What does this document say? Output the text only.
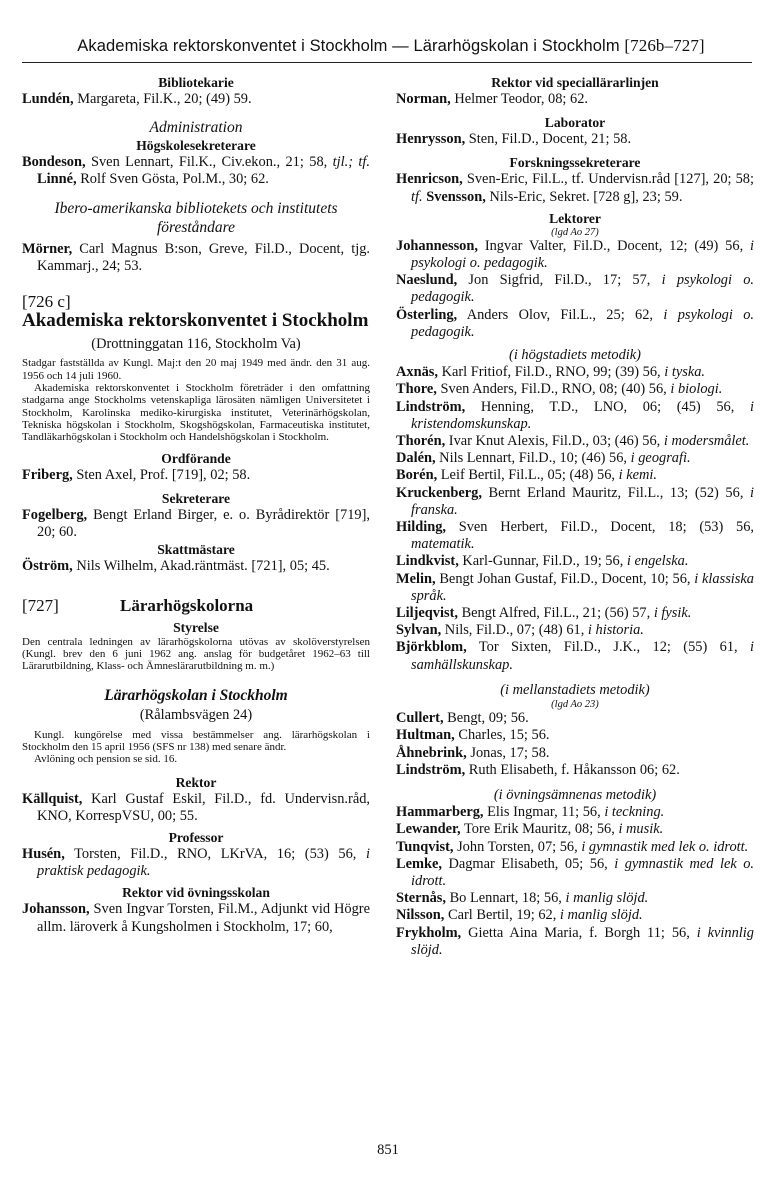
Akademiska rektorskonventet i Stockholm — Lärarhögskolan i Stockholm [726b–727]
Bibliotekarie
Lundén, Margareta, Fil.K., 20; (49) 59.
Administration
Högskolesekreterare
Bondeson, Sven Lennart, Fil.K., Civ.ekon., 21; 58, tjl.; tf. Linné, Rolf Sven Gösta, Pol.M., 30; 62.
Ibero-amerikanska bibliotekets och institutets föreståndare
Mörner, Carl Magnus B:son, Greve, Fil.D., Docent, tjg. Kammarj., 24; 53.
[726 c]
Akademiska rektorskonventet i Stockholm
(Drottninggatan 116, Stockholm Va)

Stadgar fastställda av Kungl. Maj:t den 20 maj 1949 med ändr. den 31 aug. 1956 och 14 juli 1960.

Akademiska rektorskonventet i Stockholm företräder i den omfattning stadgarna ange Stockholms vetenskapliga lärosäten nämligen Universitetet i Stockholm, Karolinska mediko-kirurgiska institutet, Veterinärhögskolan, Tekniska högskolan i Stockholm, Skogshögskolan, Farmaceutiska institutet, Tandläkarhögskolan i Stockholm och Handelshögskolan i Stockholm.

Ordförande
Friberg, Sten Axel, Prof. [719], 02; 58.
Sekreterare
Fogelberg, Bengt Erland Birger, e. o. Byrådirektör [719], 20; 60.
Skattmästare
Öström, Nils Wilhelm, Akad.räntmäst. [721], 05; 45.
[727]	Lärarhögskolorna
Styrelse
Den centrala ledningen av lärarhögskolorna utövas av skolöverstyrelsen (Kungl. brev den 6 juni 1962 ang. anslag för budgetåret 1962–63 till Lärarutbildning, Klass- och Ämneslärarutbildning m. m.)
Lärarhögskolan i Stockholm
(Rålambsvägen 24)

Kungl. kungörelse med vissa bestämmelser ang. lärarhögskolan i Stockholm den 15 april 1956 (SFS nr 138) med senare ändr.

Avlöning och pension se sid. 16.

Rektor
Källquist, Karl Gustaf Eskil, Fil.D., fd. Undervisn.råd, KNO, KorrespVSU, 00; 55.
Professor
Husén, Torsten, Fil.D., RNO, LKrVA, 16; (53) 56, i praktisk pedagogik.
Rektor vid övningsskolan
Johansson, Sven Ingvar Torsten, Fil.M., Adjunkt vid Högre allm. läroverk å Kungsholmen i Stockholm, 17; 60,
Rektor vid speciallärarlinjen
Norman, Helmer Teodor, 08; 62.
Laborator
Henrysson, Sten, Fil.D., Docent, 21; 58.
Forskningssekreterare
Henricson, Sven-Eric, Fil.L., tf. Undervisn.råd [127], 20; 58; tf. Svensson, Nils-Eric, Sekret. [728 g], 23; 59.
Lektorer
(lgd Ao 27)
Johannesson, Ingvar Valter, Fil.D., Docent, 12; (49) 56, i psykologi o. pedagogik.
Naeslund, Jon Sigfrid, Fil.D., 17; 57, i psykologi o. pedagogik.
Österling, Anders Olov, Fil.L., 25; 62, i psykologi o. pedagogik.
(i högstadiets metodik)
Axnäs, Karl Fritiof, Fil.D., RNO, 99; (39) 56, i tyska.
Thore, Sven Anders, Fil.D., RNO, 08; (40) 56, i biologi.
Lindström, Henning, T.D., LNO, 06; (45) 56, i kristendomskunskap.
Thorén, Ivar Knut Alexis, Fil.D., 03; (46) 56, i modersmålet.
Dalén, Nils Lennart, Fil.D., 10; (46) 56, i geografi.
Borén, Leif Bertil, Fil.L., 05; (48) 56, i kemi.
Kruckenberg, Bernt Erland Mauritz, Fil.L., 13; (52) 56, i franska.
Hilding, Sven Herbert, Fil.D., Docent, 18; (53) 56, matematik.
Lindkvist, Karl-Gunnar, Fil.D., 19; 56, i engelska.
Melin, Bengt Johan Gustaf, Fil.D., Docent, 10; 56, i klassiska språk.
Liljeqvist, Bengt Alfred, Fil.L., 21; (56) 57, i fysik.
Sylvan, Nils, Fil.D., 07; (48) 61, i historia.
Björkblom, Tor Sixten, Fil.D., J.K., 12; (55) 61, i samhällskunskap.
(i mellanstadiets metodik)
(lgd Ao 23)
Cullert, Bengt, 09; 56.
Hultman, Charles, 15; 56.
Åhnebrink, Jonas, 17; 58.
Lindström, Ruth Elisabeth, f. Håkansson 06; 62.
(i övningsämnenas metodik)
Hammarberg, Elis Ingmar, 11; 56, i teckning.
Lewander, Tore Erik Mauritz, 08; 56, i musik.
Tunqvist, John Torsten, 07; 56, i gymnastik med lek o. idrott.
Lemke, Dagmar Elisabeth, 05; 56, i gymnastik med lek o. idrott.
Sternås, Bo Lennart, 18; 56, i manlig slöjd.
Nilsson, Carl Bertil, 19; 62, i manlig slöjd.
Frykholm, Gietta Aina Maria, f. Borgh 11; 56, i kvinnlig slöjd.
851
